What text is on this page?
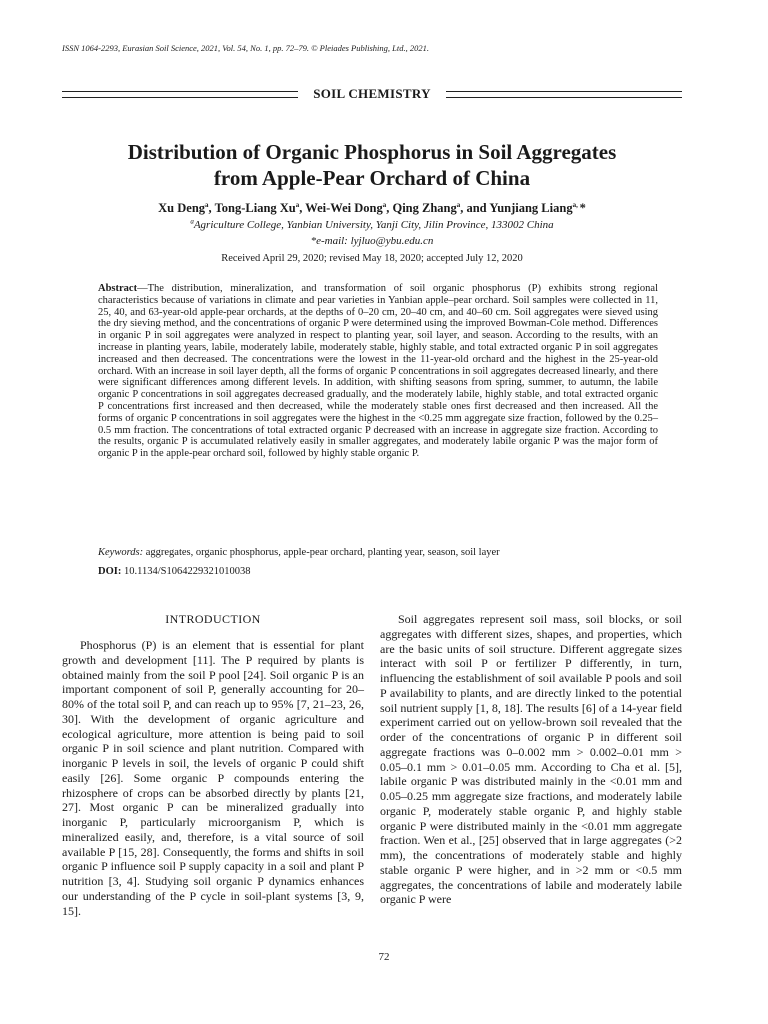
ISSN 1064-2293, Eurasian Soil Science, 2021, Vol. 54, No. 1, pp. 72–79. © Pleiades Publishing, Ltd., 2021.
SOIL CHEMISTRY
Distribution of Organic Phosphorus in Soil Aggregates
from Apple-Pear Orchard of China
Xu Deng$^a$, Tong-Liang Xu$^a$, Wei-Wei Dong$^a$, Qing Zhang$^a$, and Yunjiang Liang$^{a,}$ *
$^a$Agriculture College, Yanbian University, Yanji City, Jilin Province, 133002 China
*e-mail: lyjluo@ybu.edu.cn
Received April 29, 2020; revised May 18, 2020; accepted July 12, 2020
Abstract—The distribution, mineralization, and transformation of soil organic phosphorus (P) exhibits strong regional characteristics because of variations in climate and pear varieties in Yanbian apple–pear orchard. Soil samples were collected in 11, 25, 40, and 63-year-old apple-pear orchards, at the depths of 0–20 cm, 20–40 cm, and 40–60 cm. Soil aggregates were sieved using the dry sieving method, and the concentrations of organic P were determined using the improved Bowman-Cole method. Differences in organic P in soil aggregates were analyzed in respect to planting year, soil layer, and season. According to the results, with an increase in planting years, labile, moderately labile, moderately stable, highly stable, and total extracted organic P in soil aggregates increased and then decreased. The concentrations were the lowest in the 11-year-old orchard and the highest in the 25-year-old orchard. With an increase in soil layer depth, all the forms of organic P concentrations in soil aggregates decreased linearly, and there were significant differences among different levels. In addition, with shifting seasons from spring, summer, to autumn, the labile organic P concentrations in soil aggregates decreased gradually, and the moderately labile, highly stable, and total extracted organic P concentrations first increased and then decreased, while the moderately stable ones first decreased and then increased. All the forms of organic P concentrations in soil aggregates were the highest in the <0.25 mm aggregate size fraction, followed by the 0.25–0.5 mm fraction. The concentrations of total extracted organic P decreased with an increase in aggregate size fraction. According to the results, organic P is accumulated relatively easily in smaller aggregates, and moderately labile organic P was the major form of organic P in the apple-pear orchard soil, followed by highly stable organic P.
Keywords: aggregates, organic phosphorus, apple-pear orchard, planting year, season, soil layer
DOI: 10.1134/S1064229321010038
INTRODUCTION

Phosphorus (P) is an element that is essential for plant growth and development [11]. The P required by plants is obtained mainly from the soil P pool [24]. Soil organic P is an important component of soil P, generally accounting for 20–80% of the total soil P, and can reach up to 95% [7, 21–23, 26, 30]. With the development of organic agriculture and ecological agriculture, more attention is being paid to soil organic P in soil science and plant nutrition. Compared with inorganic P levels in soil, the levels of organic P could shift easily [26]. Some organic P compounds entering the rhizosphere of crops can be absorbed directly by plants [21, 27]. Most organic P can be mineralized gradually into inorganic P, particularly microorganism P, which is mineralized easily, and, therefore, is a vital source of soil available P [15, 28]. Consequently, the forms and shifts in soil organic P influence soil P supply capacity in a soil and plant P nutrition [3, 4]. Studying soil organic P dynamics enhances our understanding of the P cycle in soil-plant systems [3, 9, 15].

Soil aggregates represent soil mass, soil blocks, or soil aggregates with different sizes, shapes, and properties, which are the basic units of soil structure. Different aggregate sizes interact with soil P or fertilizer P differently, in turn, influencing the establishment of soil available P pools and soil P availability to plants, and are directly linked to the potential soil nutrient supply [1, 8, 18]. The results [6] of a 14-year field experiment carried out on yellow-brown soil revealed that the order of the concentrations of organic P in different soil aggregate fractions was 0–0.002 mm > 0.002–0.01 mm > 0.05–0.1 mm > 0.01–0.05 mm. According to Cha et al. [5], labile organic P was distributed mainly in the <0.01 mm and 0.05–0.25 mm aggregate size fractions, and moderately labile organic P, moderately stable organic P, and highly stable organic P were distributed mainly in the <0.01 mm aggregate fraction. Wen et al., [25] observed that in large aggregates (>2 mm), the concentrations of moderately stable and highly stable organic P were higher, and in >2 mm or <0.5 mm aggregates, the concentrations of labile and moderately labile organic P were

72
